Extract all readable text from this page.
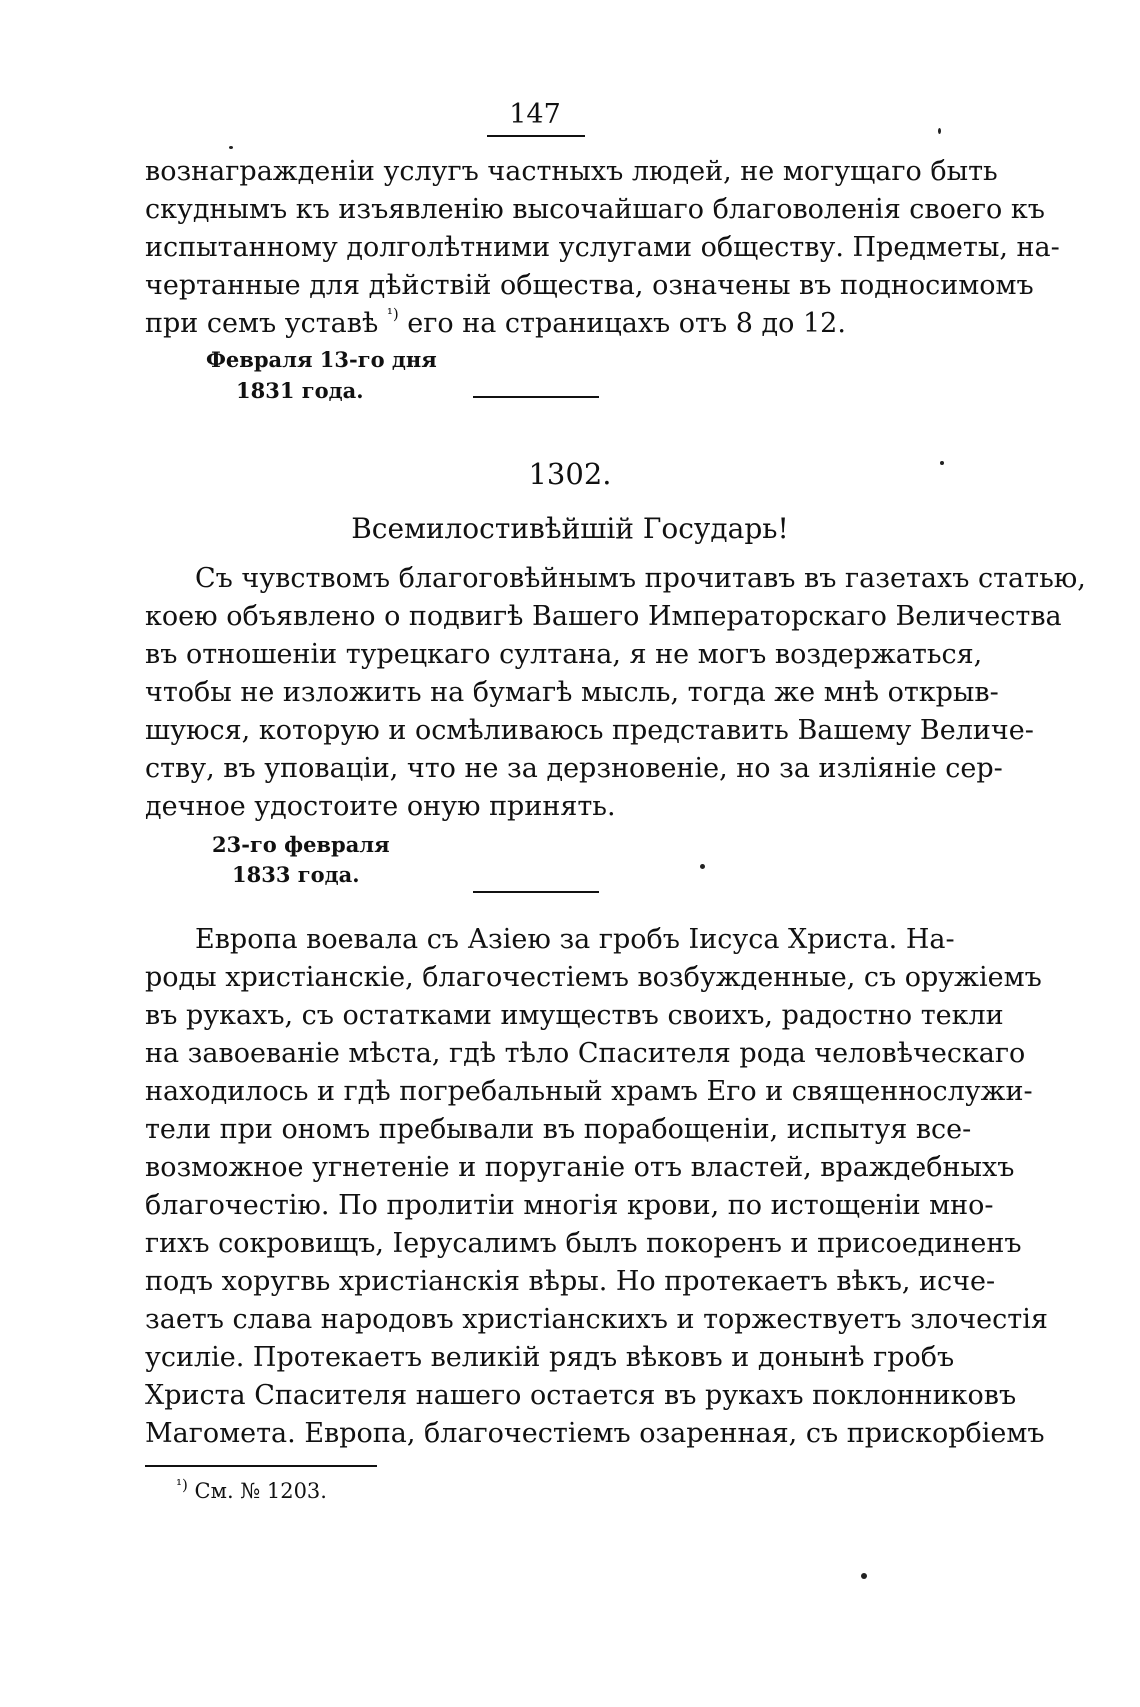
147
вознагражденіи услугъ частныхъ людей, не могущаго быть
скуднымъ къ изъявленію высочайшаго благоволенія своего къ
испытанному долголѣтними услугами обществу. Предметы, на-
чертанные для дѣйствій общества, означены въ подносимомъ
при семъ уставѣ $^{^1)}$ его на страницахъ отъ 8 до 12.
Февраля 13-го дня
1831 года.
1302.
Всемилостивѣйшій Государь!
Съ чувствомъ благоговѣйнымъ прочитавъ въ газетахъ статью,
коею объявлено о подвигѣ Вашего Императорскаго Величества
въ отношеніи турецкаго султана, я не могъ воздержаться,
чтобы не изложить на бумагѣ мысль, тогда же мнѣ открыв-
шуюся, которую и осмѣливаюсь представить Вашему Величе-
ству, въ уповаціи, что не за дерзновеніе, но за изліяніе сер-
дечное удостоите оную принять.
23-го февраля
1833 года.
Европа воевала съ Азіею за гробъ Іисуса Христа. На-
роды христіанскіе, благочестіемъ возбужденные, съ оружіемъ
въ рукахъ, съ остатками имуществъ своихъ, радостно текли
на завоеваніе мѣста, гдѣ тѣло Спасителя рода человѣческаго
находилось и гдѣ погребальный храмъ Его и священнослужи-
тели при ономъ пребывали въ порабощеніи, испытуя все-
возможное угнетеніе и поруганіе отъ властей, враждебныхъ
благочестію. По пролитіи многія крови, по истощеніи мно-
гихъ сокровищъ, Іерусалимъ былъ покоренъ и присоединенъ
подъ хоругвь христіанскія вѣры. Но протекаетъ вѣкъ, исче-
заетъ слава народовъ христіанскихъ и торжествуетъ злочестія
усиліе. Протекаетъ великій рядъ вѣковъ и донынѣ гробъ
Христа Спасителя нашего остается въ рукахъ поклонниковъ
Магомета. Европа, благочестіемъ озаренная, съ прискорбіемъ
$^{^1)}$ См. № 1203.
